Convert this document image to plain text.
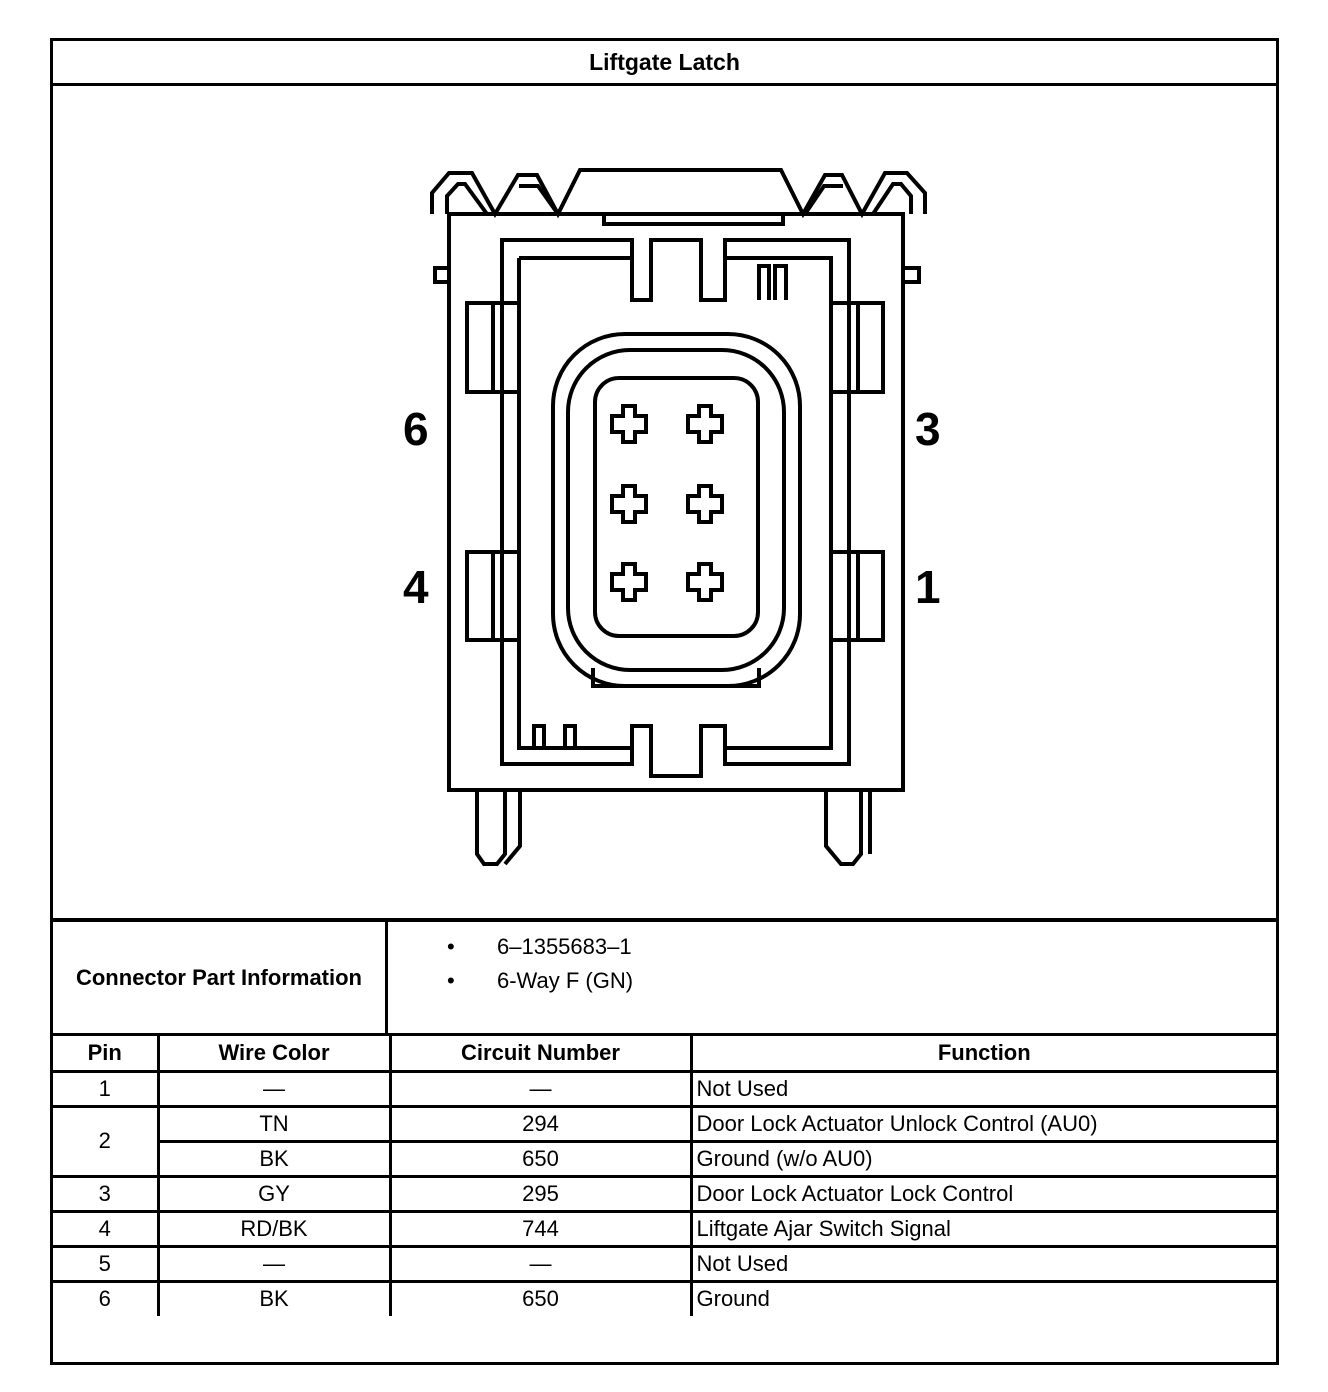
Liftgate Latch
6	3
4	1
Connector Part Information
• 6–1355683–1
• 6-Way F (GN)
Pin	Wire Color	Circuit Number	Function
1	—	—	Not Used
2	TN	294	Door Lock Actuator Unlock Control (AU0)
	BK	650	Ground (w/o AU0)
3	GY	295	Door Lock Actuator Lock Control
4	RD/BK	744	Liftgate Ajar Switch Signal
5	—	—	Not Used
6	BK	650	Ground
